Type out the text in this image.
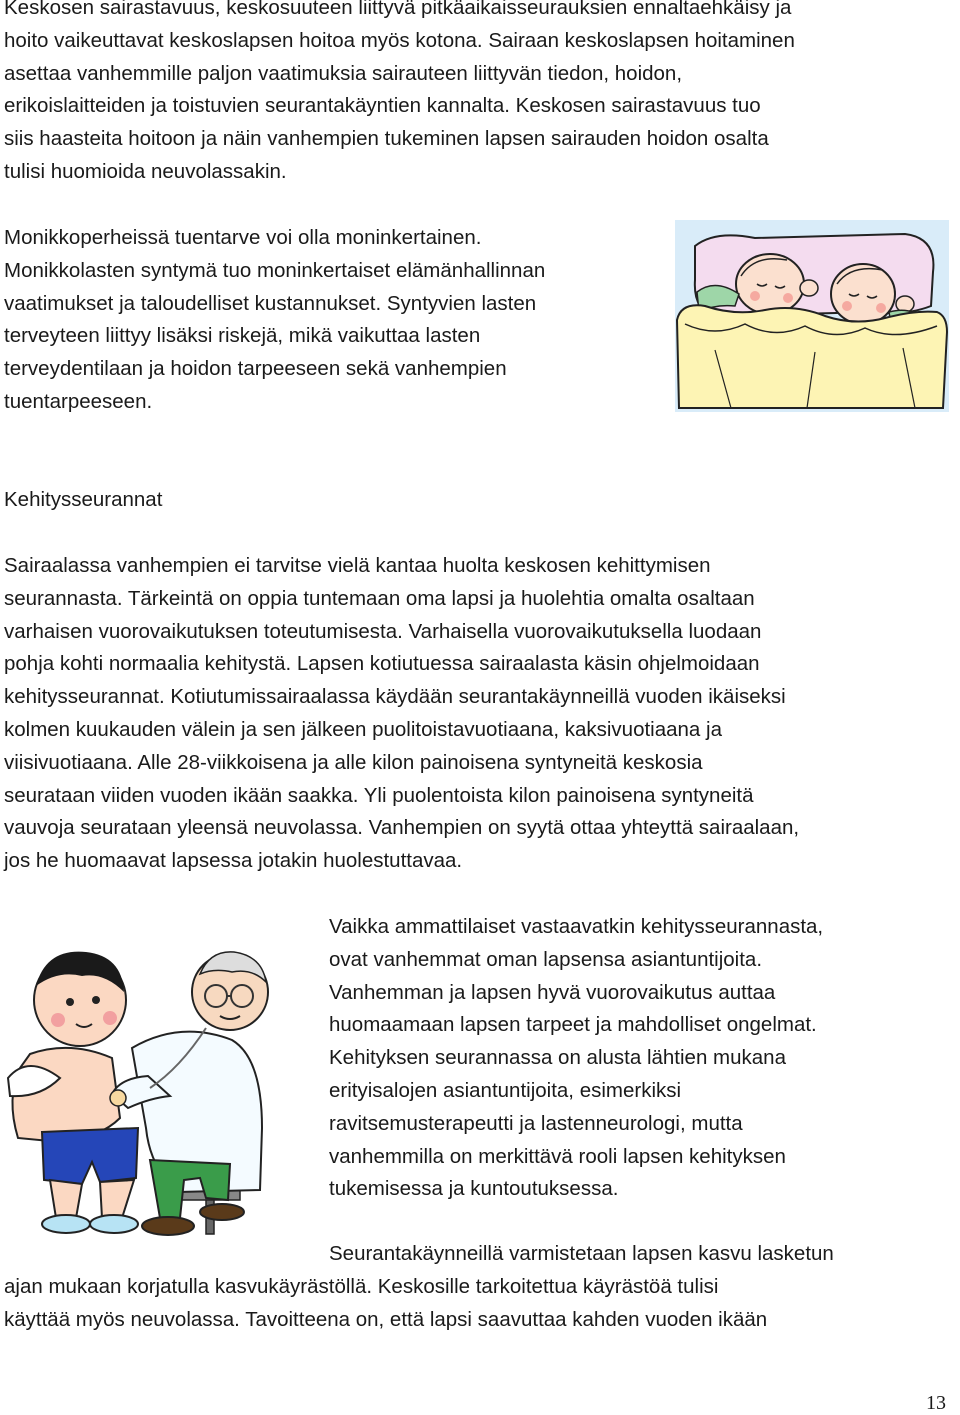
Keskosen sairastavuus, keskosuuteen liittyvä pitkäaikaisseurauksien ennaltaehkäisy ja
hoito vaikeuttavat keskoslapsen hoitoa myös kotona. Sairaan keskoslapsen hoitaminen
asettaa vanhemmille paljon vaatimuksia sairauteen liittyvän tiedon, hoidon,
erikoislaitteiden ja toistuvien seurantakäyntien kannalta. Keskosen sairastavuus tuo
siis haasteita hoitoon ja näin vanhempien tukeminen lapsen sairauden hoidon osalta
tulisi huomioida neuvolassakin.

Monikkoperheissä tuentarve voi olla moninkertainen.
Monikkolasten syntymä tuo moninkertaiset elämänhallinnan
vaatimukset ja taloudelliset kustannukset. Syntyvien lasten
terveyteen liittyy lisäksi riskejä, mikä vaikuttaa lasten
terveydentilaan ja hoidon tarpeeseen sekä vanhempien
tuentarpeeseen.

Kehitysseurannat

Sairaalassa vanhempien ei tarvitse vielä kantaa huolta keskosen kehittymisen
seurannasta. Tärkeintä on oppia tuntemaan oma lapsi ja huolehtia omalta osaltaan
varhaisen vuorovaikutuksen toteutumisesta. Varhaisella vuorovaikutuksella luodaan
pohja kohti normaalia kehitystä. Lapsen kotiutuessa sairaalasta käsin ohjelmoidaan
kehitysseurannat. Kotiutumissairaalassa käydään seurantakäynneillä vuoden ikäiseksi
kolmen kuukauden välein ja sen jälkeen puolitoistavuotiaana, kaksivuotiaana ja
viisivuotiaana. Alle 28-viikkoisena ja alle kilon painoisena syntyneitä keskosia
seurataan viiden vuoden ikään saakka. Yli puolentoista kilon painoisena syntyneitä
vauvoja seurataan yleensä neuvolassa. Vanhempien on syytä ottaa yhteyttä sairaalaan,
jos he huomaavat lapsessa jotakin huolestuttavaa.

Vaikka ammattilaiset vastaavatkin kehitysseurannasta,
ovat vanhemmat oman lapsensa asiantuntijoita.
Vanhemman ja lapsen hyvä vuorovaikutus auttaa
huomaamaan lapsen tarpeet ja mahdolliset ongelmat.
Kehityksen seurannassa on alusta lähtien mukana
erityisalojen asiantuntijoita, esimerkiksi
ravitsemusterapeutti ja lastenneurologi, mutta
vanhemmilla on merkittävä rooli lapsen kehityksen
tukemisessa ja kuntoutuksessa.

Seurantakäynneillä varmistetaan lapsen kasvu lasketun
ajan mukaan korjatulla kasvukäyrästöllä. Keskosille tarkoitettua käyrästöä tulisi
käyttää myös neuvolassa. Tavoitteena on, että lapsi saavuttaa kahden vuoden ikään

13
